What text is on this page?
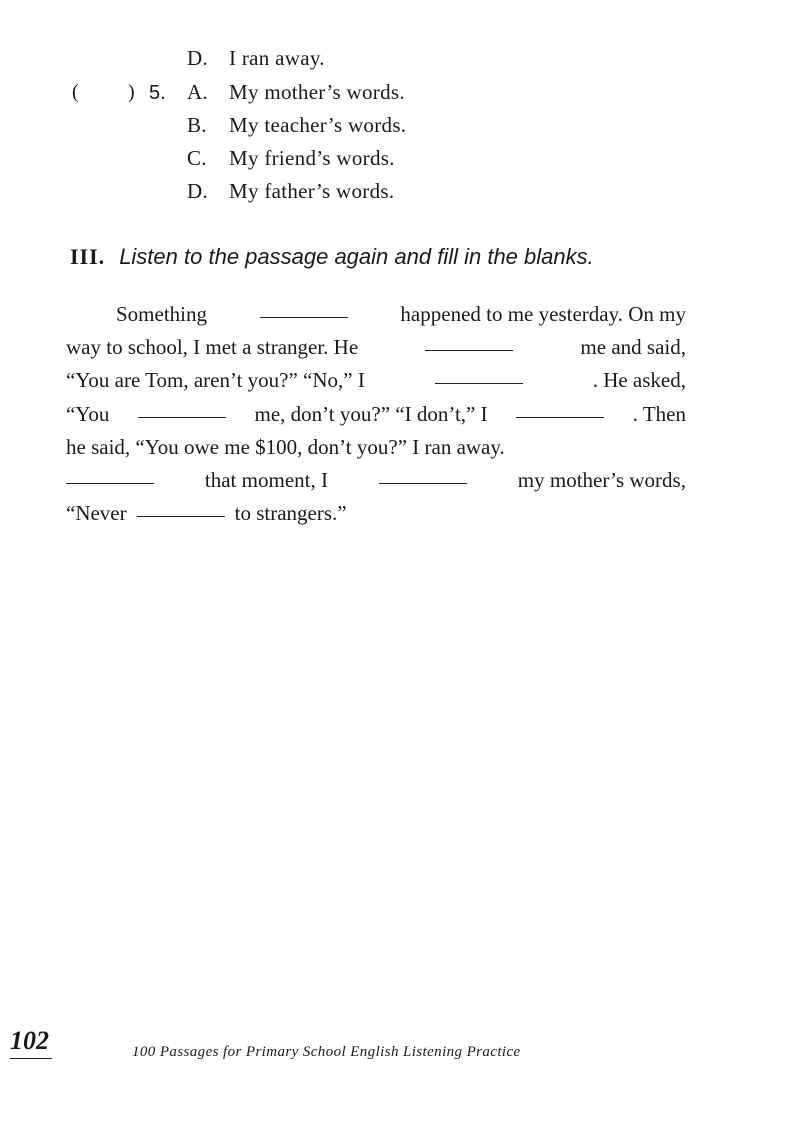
D. I ran away.
( ) 5. A. My mother’s words.
B. My teacher’s words.
C. My friend’s words.
D. My father’s words.
III. Listen to the passage again and fill in the blanks.
Something	happened to me yesterday. On my
way to school, I met a stranger. He	me and said,
“You are Tom, aren’t you?” “No,” I	. He asked,
“You	me, don’t you?” “I don’t,” I	. Then
he said, “You owe me $100, don’t you?” I ran away.
that moment, I	my mother’s words,
“Never	to strangers.”
102	100 Passages for Primary School English Listening Practice
